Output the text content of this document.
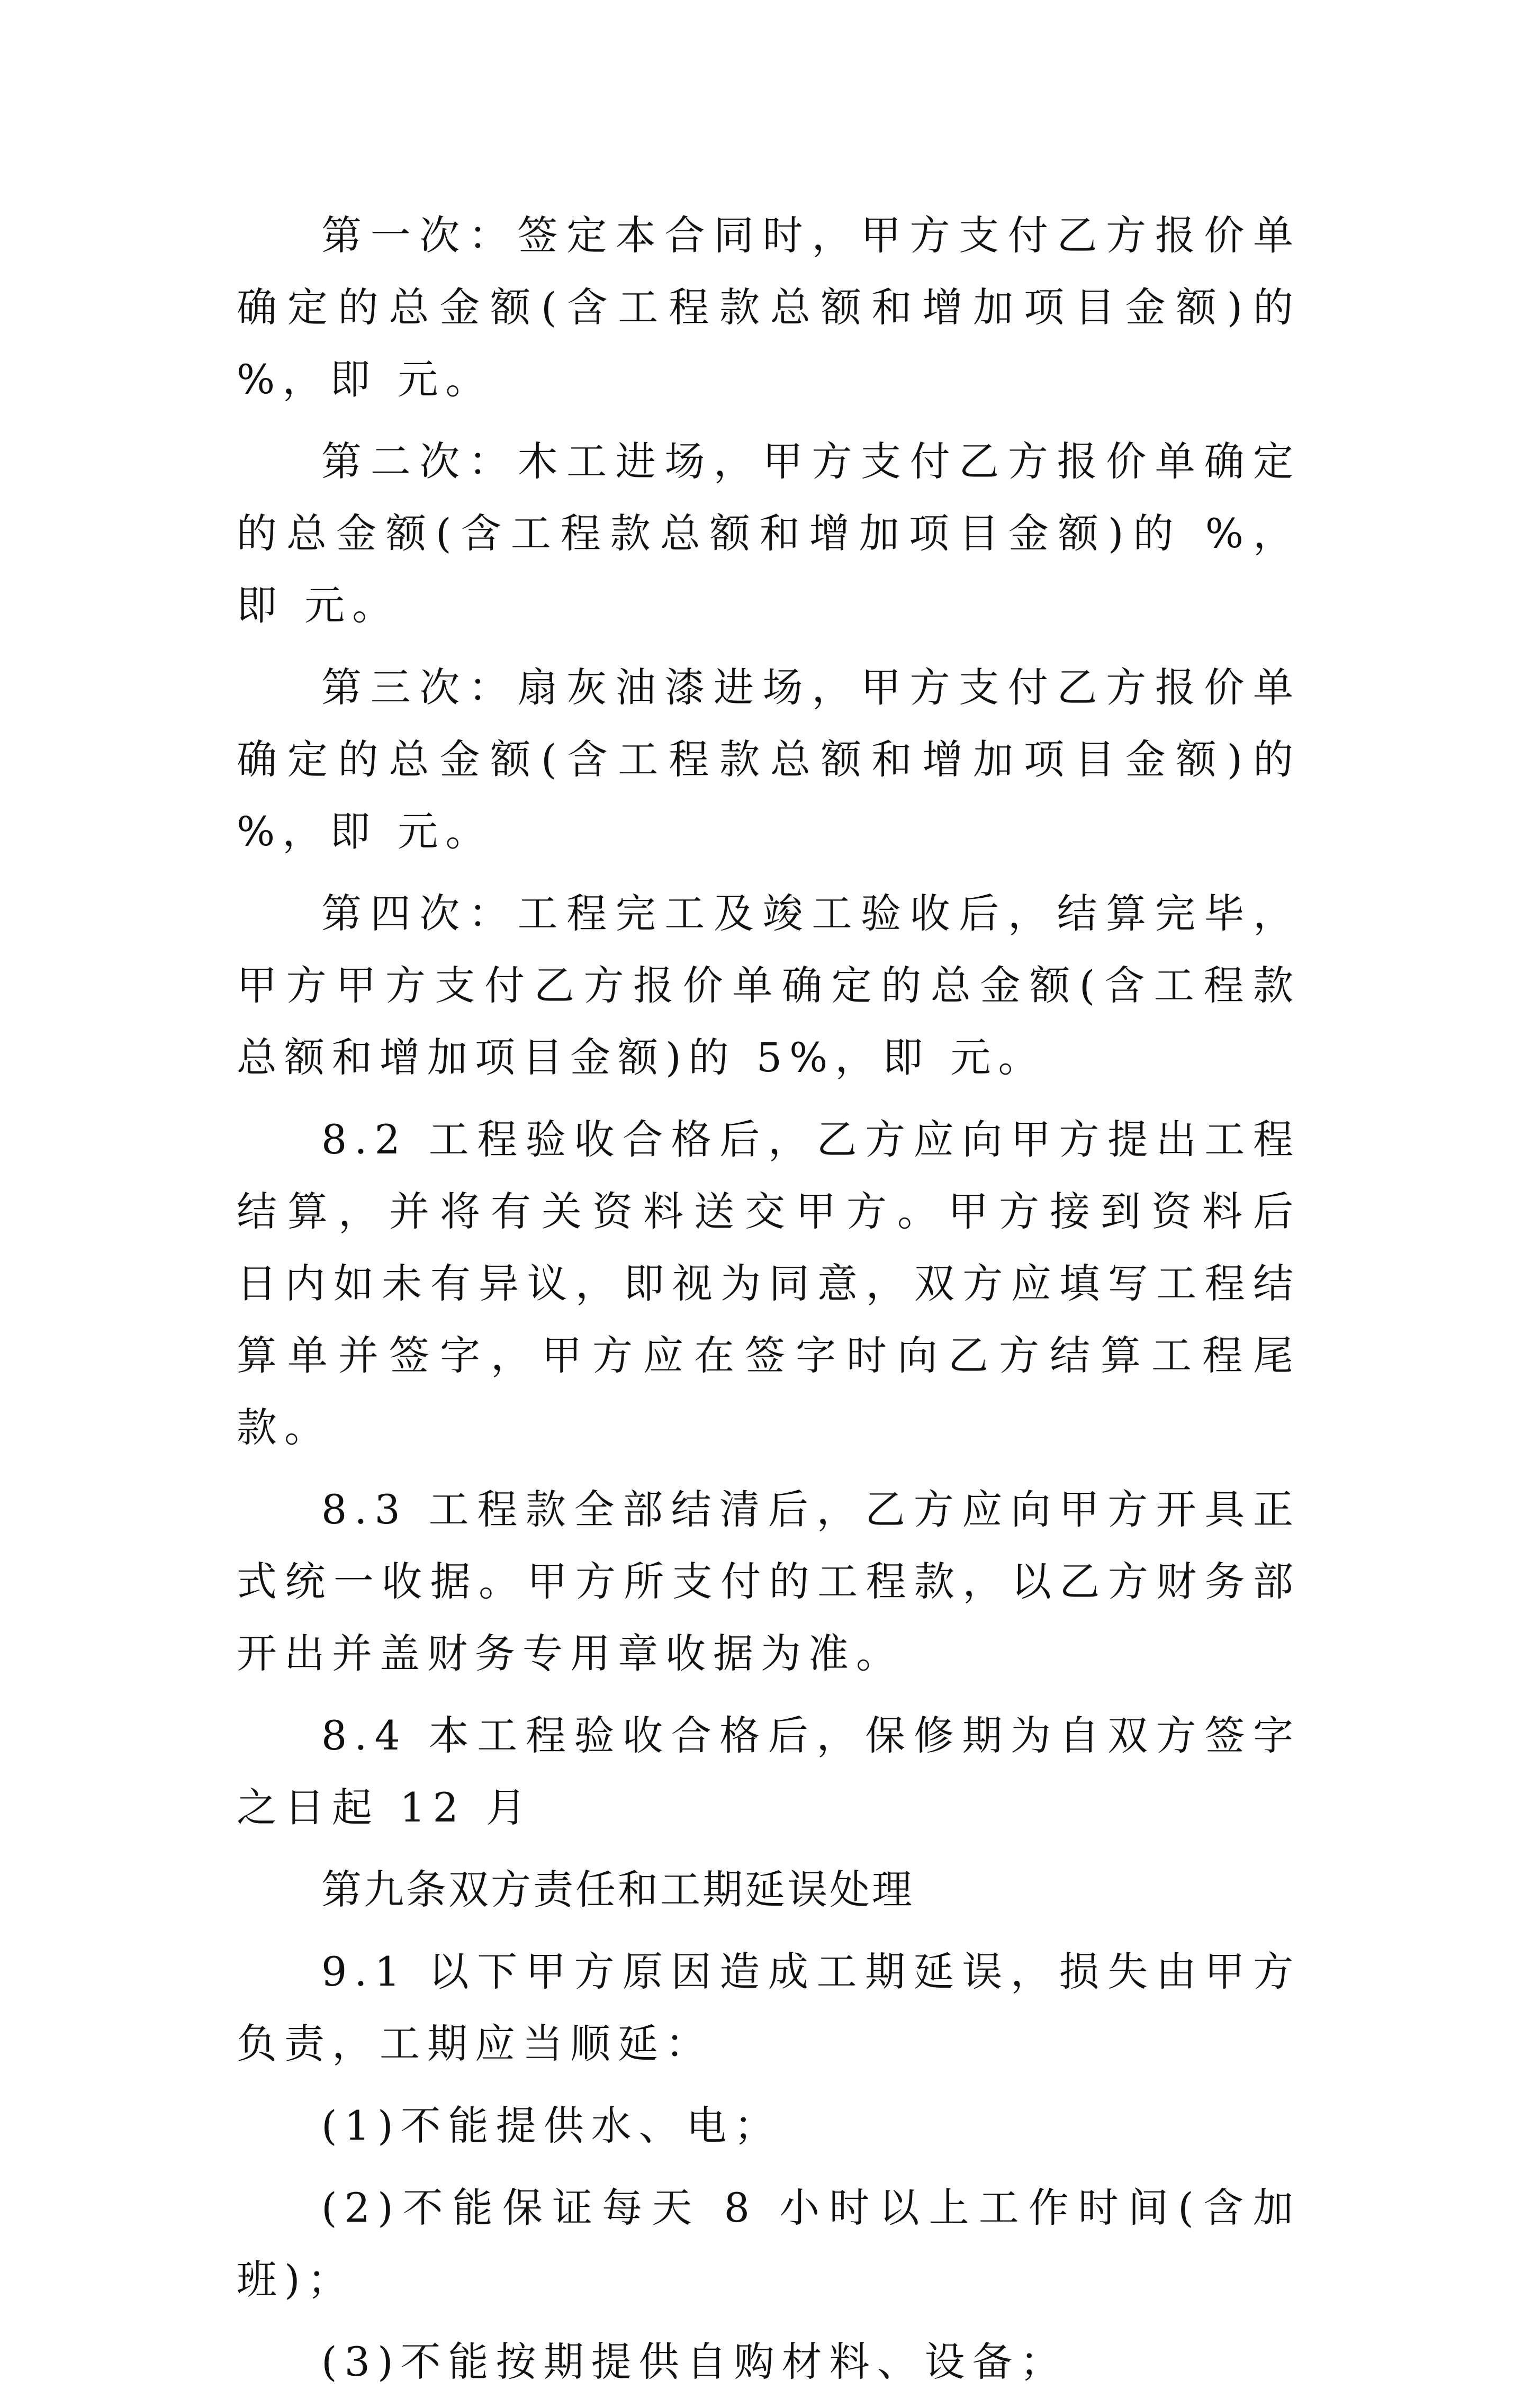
第一次：签定本合同时，甲方支付乙方报价单确定的总金额(含工程款总额和增加项目金额)的 %，即 元。

第二次：木工进场，甲方支付乙方报价单确定的总金额(含工程款总额和增加项目金额)的 %，即 元。

第三次：扇灰油漆进场，甲方支付乙方报价单确定的总金额(含工程款总额和增加项目金额)的 %，即 元。

第四次：工程完工及竣工验收后，结算完毕，甲方甲方支付乙方报价单确定的总金额(含工程款总额和增加项目金额)的 5%，即 元。

8.2 工程验收合格后，乙方应向甲方提出工程结算，并将有关资料送交甲方。甲方接到资料后 日内如未有异议，即视为同意，双方应填写工程结算单并签字，甲方应在签字时向乙方结算工程尾款。

8.3 工程款全部结清后，乙方应向甲方开具正式统一收据。甲方所支付的工程款，以乙方财务部开出并盖财务专用章收据为准。

8.4 本工程验收合格后，保修期为自双方签字之日起 12 月

第九条双方责任和工期延误处理

9.1 以下甲方原因造成工期延误，损失由甲方负责，工期应当顺延：

(1)不能提供水、电；

(2)不能保证每天 8 小时以上工作时间(含加班)；

(3)不能按期提供自购材料、设备；
